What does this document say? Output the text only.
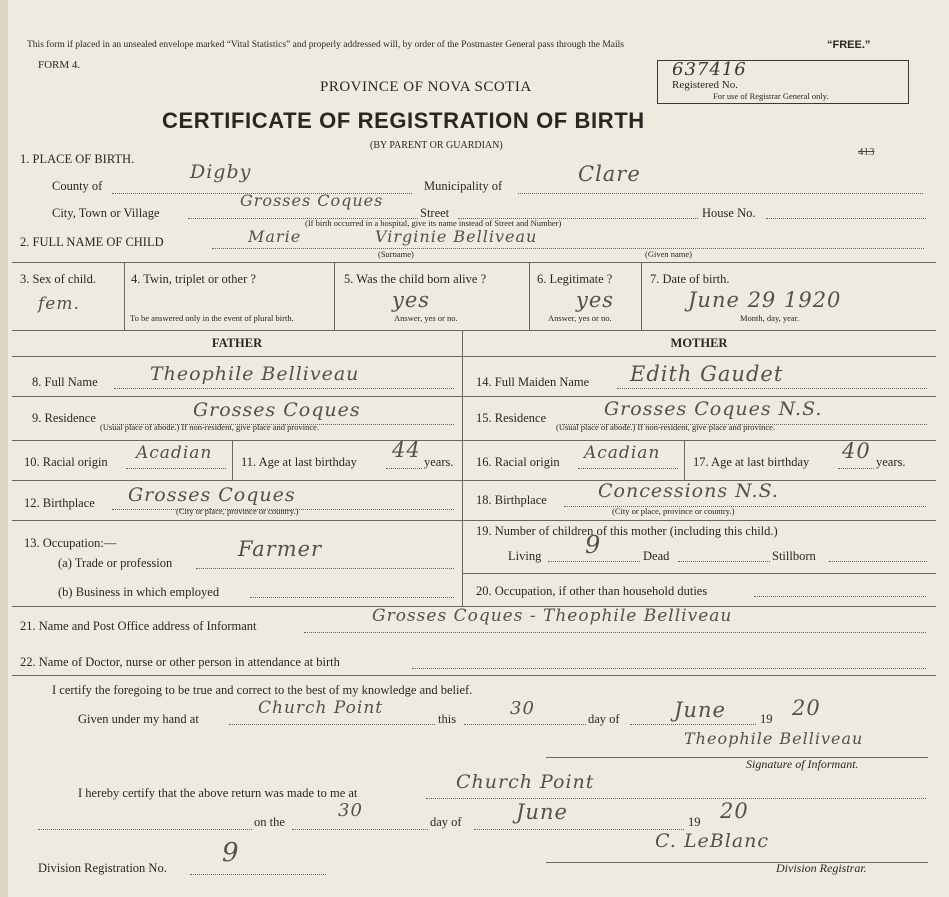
This form if placed in an unsealed envelope marked “Vital Statistics” and properly addressed will, by order of the Postmaster General pass through the Mails	“FREE.”
FORM 4.
PROVINCE OF NOVA SCOTIA
CERTIFICATE OF REGISTRATION OF BIRTH
(BY PARENT OR GUARDIAN)
637416
Registered No.
For use of Registrar General only.
413
1. PLACE OF BIRTH.
County of
Digby
Municipality of	Clare
City, Town or Village
Grosses Coques
Street	House No.
(If birth occurred in a hospital, give its name instead of Street and Number)
2. FULL NAME OF CHILD	Marie	Virginie Belliveau
(Surname)	(Given name)
3. Sex of child.
fem.
4. Twin, triplet or other ?
To be answered only in the event of plural birth.
5. Was the child born alive ?
yes
Answer, yes or no.
6. Legitimate ?
yes
Answer, yes or no.
7. Date of birth.
June 29 1920
Month, day, year.
FATHER	MOTHER
8. Full Name	Theophile Belliveau
9. Residence	Grosses Coques
(Usual place of abode.) If non-resident, give place and province.
10. Racial origin Acadian 11. Age at last birthday 44 years.
12. Birthplace Grosses Coques
(City or place, province or country.)
13. Occupation:—
(a) Trade or profession
Farmer
(b) Business in which employed
14. Full Maiden Name Edith Gaudet
15. Residence	Grosses Coques N.S.
(Usual place of abode.) If non-resident, give place and province.
16. Racial origin Acadian	17. Age at last birthday 40 years.
18. Birthplace	Concessions N.S.
(City or place, province or country.)
19. Number of children of this mother (including this child.)
Living 9	Dead	Stillborn
20. Occupation, if other than household duties
21. Name and Post Office address of Informant	Grosses Coques - Theophile Belliveau
22. Name of Doctor, nurse or other person in attendance at birth
I certify the foregoing to be true and correct to the best of my knowledge and belief.
Given under my hand at
Church Point
this	30	day of	June	19 20
Theophile Belliveau
Signature of Informant.
I hereby certify that the above return was made to me at	Church Point
on the
30
day of	June	19 20
C. LeBlanc
Division Registration No. 9	Division Registrar.
